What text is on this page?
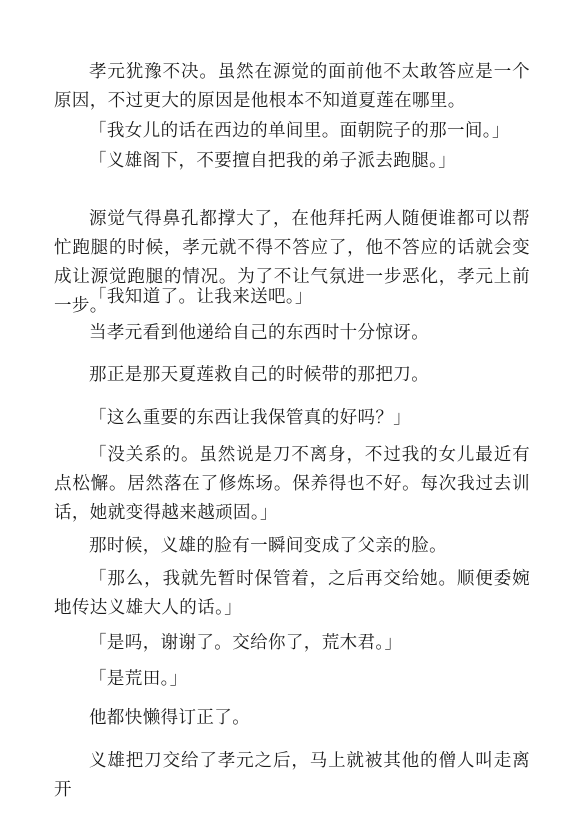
孝元犹豫不决。虽然在源觉的面前他不太敢答应是一个原因，不过更大的原因是他根本不知道夏莲在哪里。

「我女儿的话在西边的单间里。面朝院子的那一间。」

「义雄阁下，不要擅自把我的弟子派去跑腿。」

源觉气得鼻孔都撑大了，在他拜托两人随便谁都可以帮忙跑腿的时候，孝元就不得不答应了，他不答应的话就会变成让源觉跑腿的情况。为了不让气氛进一步恶化，孝元上前一步。

「我知道了。让我来送吧。」

当孝元看到他递给自己的东西时十分惊讶。

那正是那天夏莲救自己的时候带的那把刀。

「这么重要的东西让我保管真的好吗？」

「没关系的。虽然说是刀不离身，不过我的女儿最近有点松懈。居然落在了修炼场。保养得也不好。每次我过去训话，她就变得越来越顽固。」

那时候，义雄的脸有一瞬间变成了父亲的脸。

「那么，我就先暂时保管着，之后再交给她。顺便委婉地传达义雄大人的话。」

「是吗，谢谢了。交给你了，荒木君。」

「是荒田。」

他都快懒得订正了。

义雄把刀交给了孝元之后，马上就被其他的僧人叫走离开
